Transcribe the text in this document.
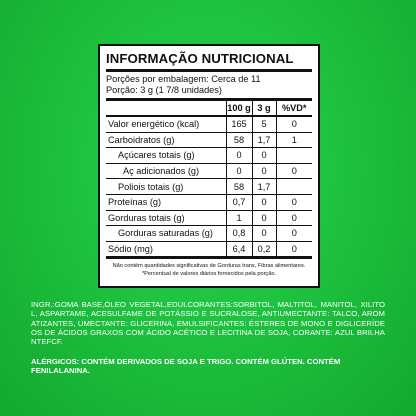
INFORMAÇÃO NUTRICIONAL
Porções por embalagem: Cerca de 11
Porção: 3 g (1 7/8 unidades)
	100 g	3 g	%VD*
Valor energético (kcal)	165	5	0
Carboidratos (g)	58	1,7	1
Açúcares totais (g)	0	0	
Aç adicionados (g)	0	0	0
Poliois totais (g)	58	1,7	
Proteínas (g)	0,7	0	0
Gorduras totais (g)	1	0	0
Gorduras saturadas (g)	0,8	0	0
Sódio (mg)	6,4	0,2	0
Não contém quantidades significativas de Gorduras trans, Fibras alimentares.
*Percentual de valores diários fornecidos pela porção.
INGR.:GOMA BASE,ÓLEO VEGETAL,EDULCORANTES:SORBITOL, MALTITOL, MANITOL, XILITOL, ASPARTAME, ACESULFAME DE POTÁSSIO E SUCRALOSE, ANTIUMECTANTE: TALCO, AROMATIZANTES, UMECTANTE: GLICERINA, EMULSIFICANTES: ÉSTERES DE MONO E DIGLICERÍDEOS DE ÁCIDOS GRAXOS COM ÁCIDO ACÉTICO E LECITINA DE SOJA, CORANTE: AZUL BRILHANTEFCF.
ALÉRGICOS: CONTÉM DERIVADOS DE SOJA E TRIGO. CONTÉM GLÚTEN. CONTÉM FENILALANINA.
